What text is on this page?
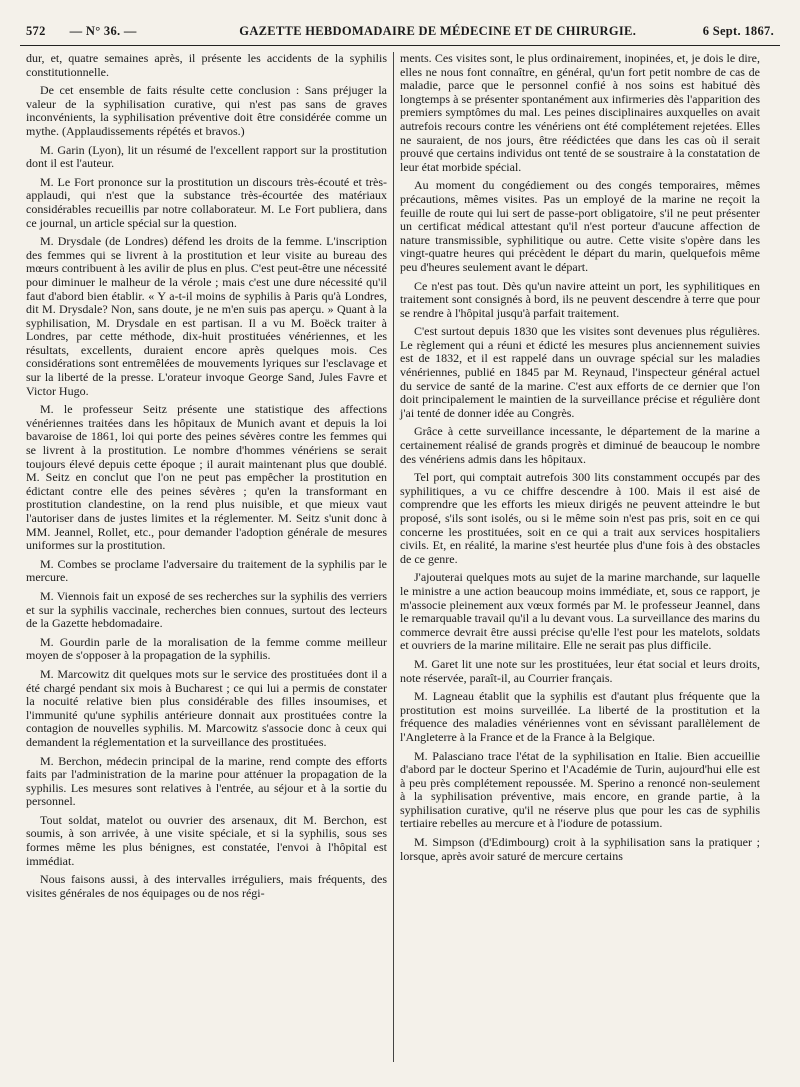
572 — N° 36. —	GAZETTE HEBDOMADAIRE DE MÉDECINE ET DE CHIRURGIE.	6 Sept. 1867.

dur, et, quatre semaines après, il présente les accidents de la syphilis constitutionnelle.

De cet ensemble de faits résulte cette conclusion : Sans préjuger la valeur de la syphilisation curative, qui n'est pas sans de graves inconvénients, la syphilisation préventive doit être considérée comme un mythe. (Applaudissements répétés et bravos.)

M. Garin (Lyon), lit un résumé de l'excellent rapport sur la prostitution dont il est l'auteur.

M. Le Fort prononce sur la prostitution un discours très-écouté et très-applaudi, qui n'est que la substance très-écourtée des matériaux considérables recueillis par notre collaborateur. M. Le Fort publiera, dans ce journal, un article spécial sur la question.

M. Drysdale (de Londres) défend les droits de la femme. L'inscription des femmes qui se livrent à la prostitution et leur visite au bureau des mœurs contribuent à les avilir de plus en plus. C'est peut-être une nécessité pour diminuer le malheur de la vérole ; mais c'est une dure nécessité qu'il faut d'abord bien établir. « Y a-t-il moins de syphilis à Paris qu'à Londres, dit M. Drysdale? Non, sans doute, je ne m'en suis pas aperçu. » Quant à la syphilisation, M. Drysdale en est partisan. Il a vu M. Boëck traiter à Londres, par cette méthode, dix-huit prostituées vénériennes, et les résultats, excellents, duraient encore après quelques mois. Ces considérations sont entremêlées de mouvements lyriques sur l'esclavage et sur la liberté de la presse. L'orateur invoque George Sand, Jules Favre et Victor Hugo.

M. le professeur Seitz présente une statistique des affections vénériennes traitées dans les hôpitaux de Munich avant et depuis la loi bavaroise de 1861, loi qui porte des peines sévères contre les femmes qui se livrent à la prostitution. Le nombre d'hommes vénériens se serait toujours élevé depuis cette époque ; il aurait maintenant plus que doublé. M. Seitz en conclut que l'on ne peut pas empêcher la prostitution en édictant contre elle des peines sévères ; qu'en la transformant en prostitution clandestine, on la rend plus nuisible, et que mieux vaut l'autoriser dans de justes limites et la réglementer. M. Seitz s'unit donc à MM. Jeannel, Rollet, etc., pour demander l'adoption générale de mesures uniformes sur la prostitution.

M. Combes se proclame l'adversaire du traitement de la syphilis par le mercure.

M. Viennois fait un exposé de ses recherches sur la syphilis des verriers et sur la syphilis vaccinale, recherches bien connues, surtout des lecteurs de la Gazette hebdomadaire.

M. Gourdin parle de la moralisation de la femme comme meilleur moyen de s'opposer à la propagation de la syphilis.

M. Marcowitz dit quelques mots sur le service des prostituées dont il a été chargé pendant six mois à Bucharest ; ce qui lui a permis de constater la nocuité relative bien plus considérable des filles insoumises, et l'immunité qu'une syphilis antérieure donnait aux prostituées contre la contagion de nouvelles syphilis. M. Marcowitz s'associe donc à ceux qui demandent la réglementation et la surveillance des prostituées.

M. Berchon, médecin principal de la marine, rend compte des efforts faits par l'administration de la marine pour atténuer la propagation de la syphilis. Les mesures sont relatives à l'entrée, au séjour et à la sortie du personnel.

Tout soldat, matelot ou ouvrier des arsenaux, dit M. Berchon, est soumis, à son arrivée, à une visite spéciale, et si la syphilis, sous ses formes même les plus bénignes, est constatée, l'envoi à l'hôpital est immédiat.

Nous faisons aussi, à des intervalles irréguliers, mais fréquents, des visites générales de nos équipages ou de nos régi-

ments. Ces visites sont, le plus ordinairement, inopinées, et, je dois le dire, elles ne nous font connaître, en général, qu'un fort petit nombre de cas de maladie, parce que le personnel confié à nos soins est habitué dès longtemps à se présenter spontanément aux infirmeries dès l'apparition des premiers symptômes du mal. Les peines disciplinaires auxquelles on avait autrefois recours contre les vénériens ont été complétement rejetées. Elles ne sauraient, de nos jours, être réédictées que dans les cas où il serait prouvé que certains individus ont tenté de se soustraire à la constatation de leur état morbide spécial.

Au moment du congédiement ou des congés temporaires, mêmes précautions, mêmes visites. Pas un employé de la marine ne reçoit la feuille de route qui lui sert de passe-port obligatoire, s'il ne peut présenter un certificat médical attestant qu'il n'est porteur d'aucune affection de nature transmissible, syphilitique ou autre. Cette visite s'opère dans les vingt-quatre heures qui précèdent le départ du marin, quelquefois même peu d'heures seulement avant le départ.

Ce n'est pas tout. Dès qu'un navire atteint un port, les syphilitiques en traitement sont consignés à bord, ils ne peuvent descendre à terre que pour se rendre à l'hôpital jusqu'à parfait traitement.

C'est surtout depuis 1830 que les visites sont devenues plus régulières. Le règlement qui a réuni et édicté les mesures plus anciennement suivies est de 1832, et il est rappelé dans un ouvrage spécial sur les maladies vénériennes, publié en 1845 par M. Reynaud, l'inspecteur général actuel du service de santé de la marine. C'est aux efforts de ce dernier que l'on doit principalement le maintien de la surveillance précise et régulière dont j'ai tenté de donner idée au Congrès.

Grâce à cette surveillance incessante, le département de la marine a certainement réalisé de grands progrès et diminué de beaucoup le nombre des vénériens admis dans les hôpitaux.

Tel port, qui comptait autrefois 300 lits constamment occupés par des syphilitiques, a vu ce chiffre descendre à 100. Mais il est aisé de comprendre que les efforts les mieux dirigés ne peuvent atteindre le but proposé, s'ils sont isolés, ou si le même soin n'est pas pris, soit en ce qui concerne les prostituées, soit en ce qui a trait aux services hospitaliers civils. Et, en réalité, la marine s'est heurtée plus d'une fois à des obstacles de ce genre.

J'ajouterai quelques mots au sujet de la marine marchande, sur laquelle le ministre a une action beaucoup moins immédiate, et, sous ce rapport, je m'associe pleinement aux vœux formés par M. le professeur Jeannel, dans le remarquable travail qu'il a lu devant vous. La surveillance des marins du commerce devrait être aussi précise qu'elle l'est pour les matelots, soldats et ouvriers de la marine militaire. Elle ne serait pas plus difficile.

M. Garet lit une note sur les prostituées, leur état social et leurs droits, note réservée, paraît-il, au Courrier français.

M. Lagneau établit que la syphilis est d'autant plus fréquente que la prostitution est moins surveillée. La liberté de la prostitution et la fréquence des maladies vénériennes vont en sévissant parallèlement de l'Angleterre à la France et de la France à la Belgique.

M. Palasciano trace l'état de la syphilisation en Italie. Bien accueillie d'abord par le docteur Sperino et l'Académie de Turin, aujourd'hui elle est à peu près complétement repoussée. M. Sperino a renoncé non-seulement à la syphilisation préventive, mais encore, en grande partie, à la syphilisation curative, qu'il ne réserve plus que pour les cas de syphilis tertiaire rebelles au mercure et à l'iodure de potassium.

M. Simpson (d'Edimbourg) croit à la syphilisation sans la pratiquer ; lorsque, après avoir saturé de mercure certains
